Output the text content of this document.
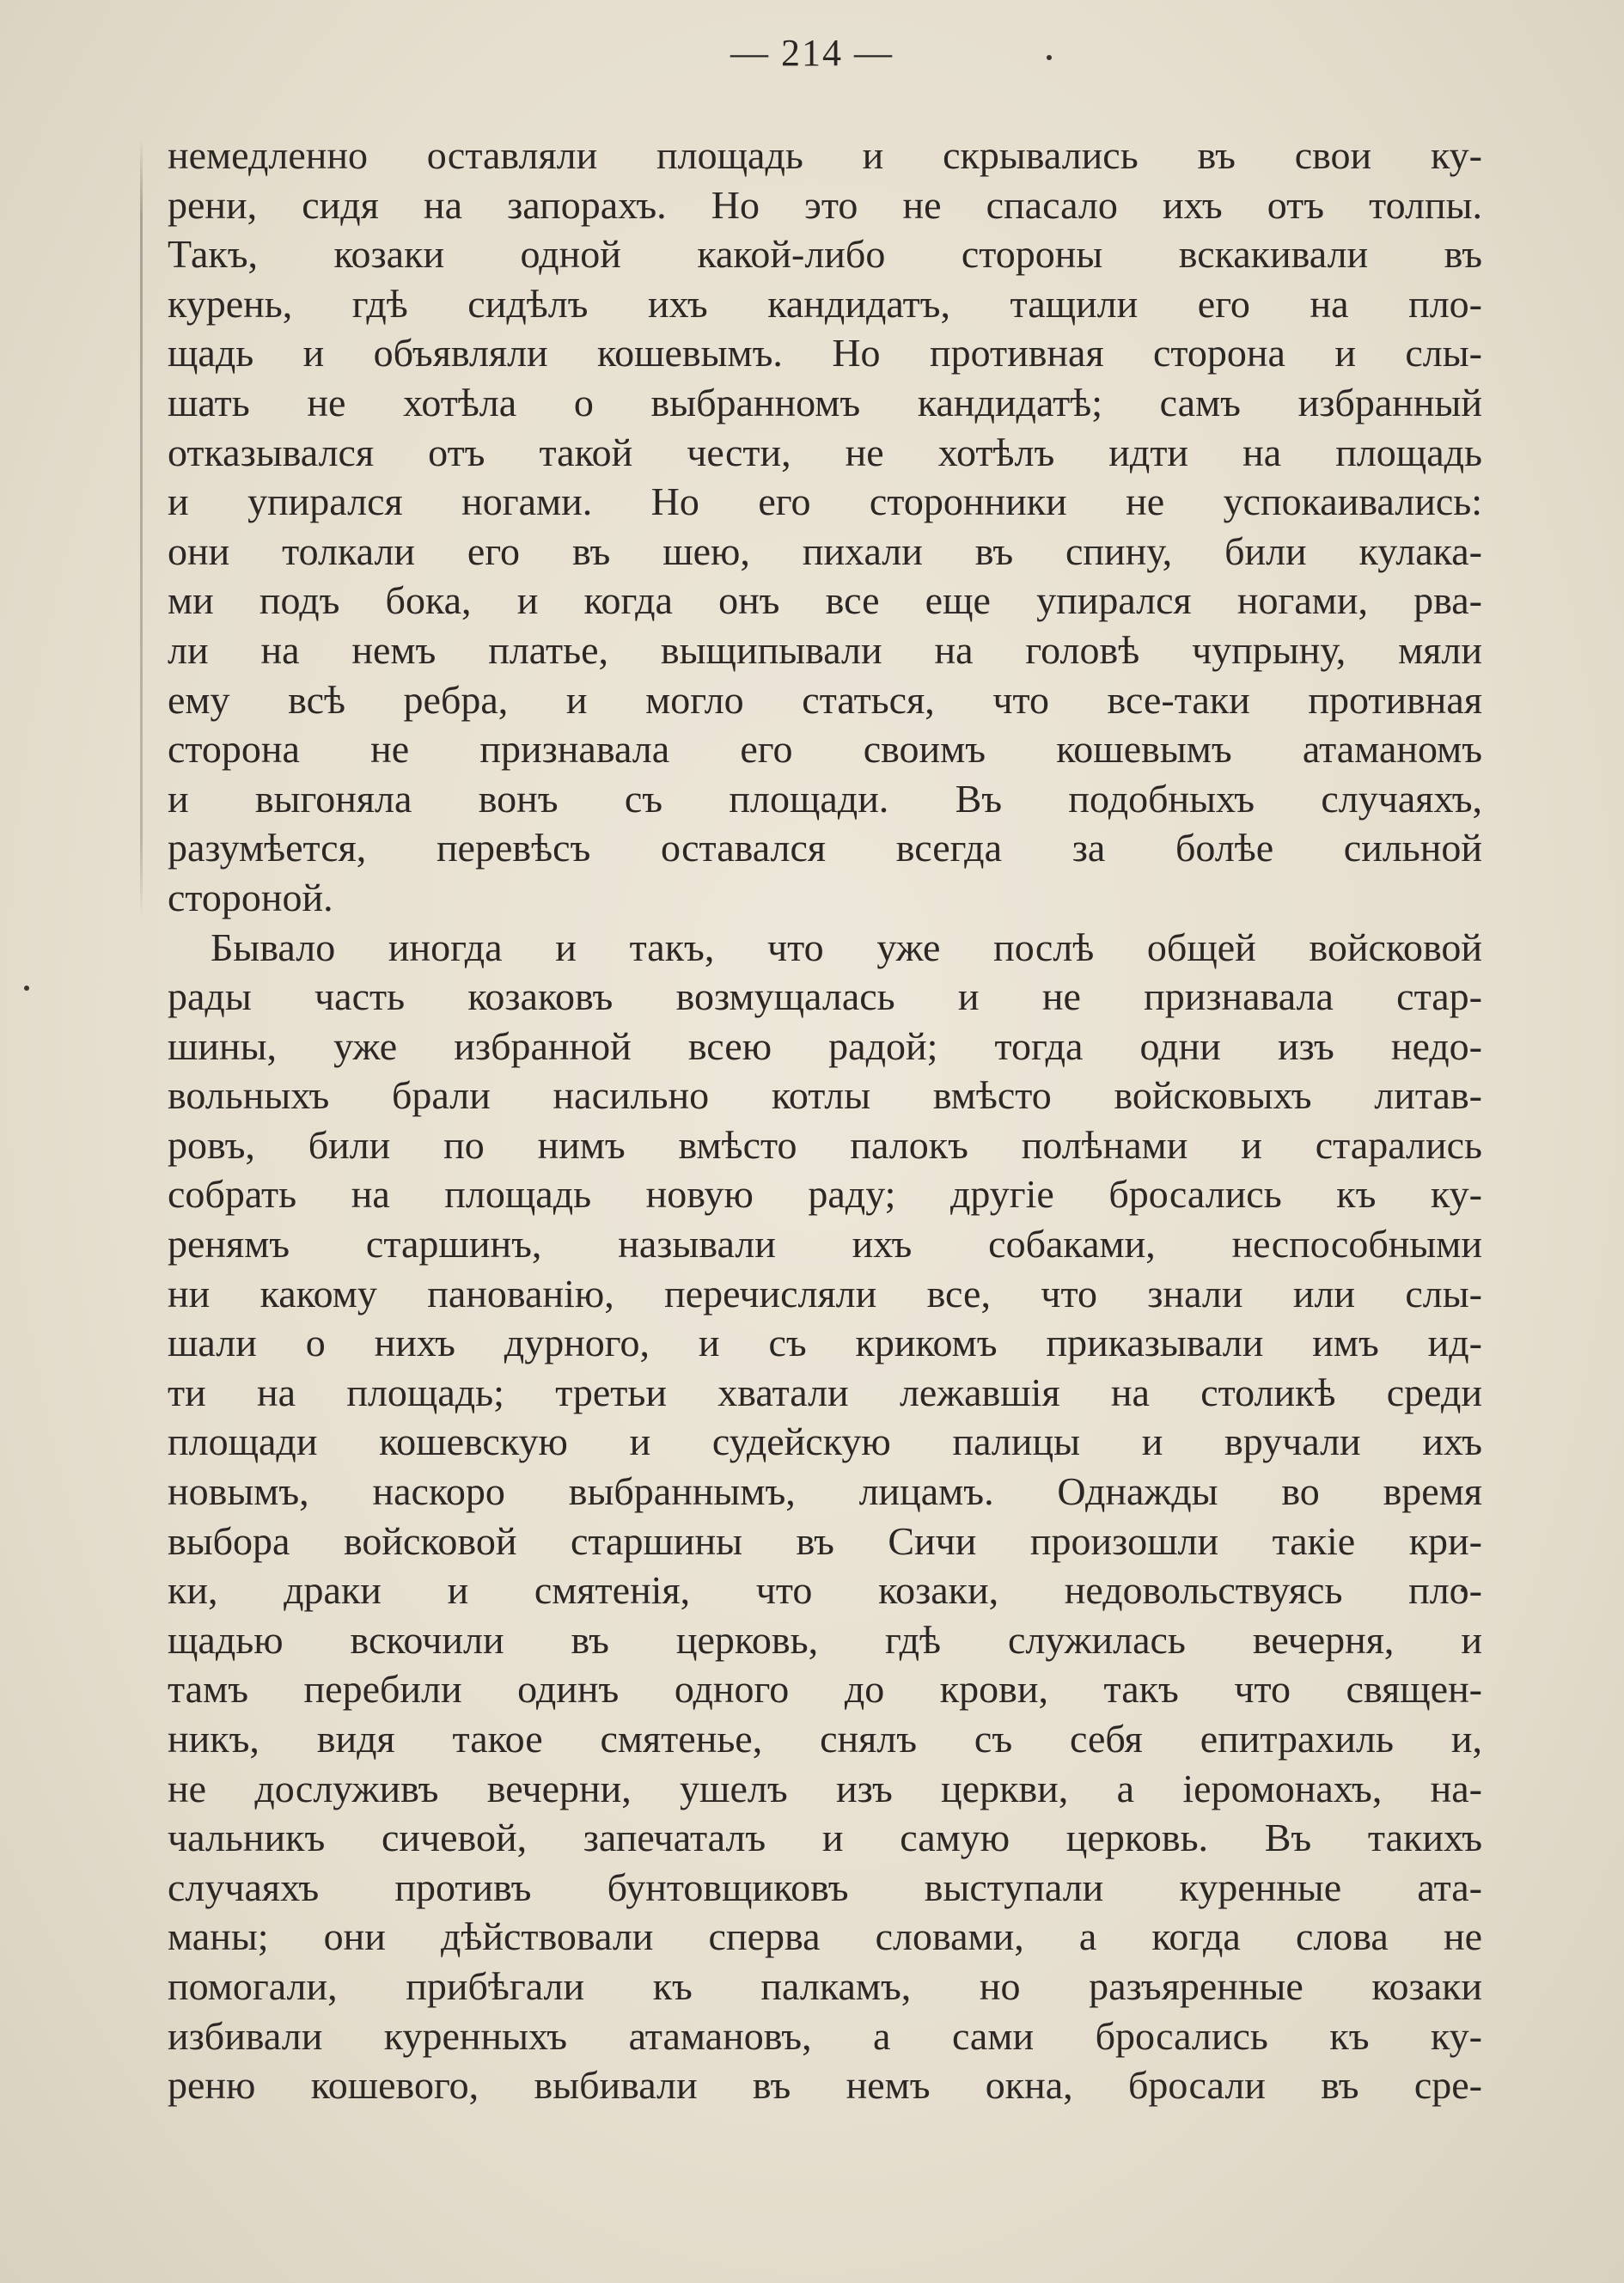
— 214 —
немедленно оставляли площадь и скрывались въ свои ку-
рени, сидя на запорахъ. Но это не спасало ихъ отъ толпы.
Такъ, козаки одной какой-либо стороны вскакивали въ
курень, гдѣ сидѣлъ ихъ кандидатъ, тащили его на пло-
щадь и объявляли кошевымъ. Но противная сторона и слы-
шать не хотѣла о выбранномъ кандидатѣ; самъ избранный
отказывался отъ такой чести, не хотѣлъ идти на площадь
и упирался ногами. Но его сторонники не успокаивались:
они толкали его въ шею, пихали въ спину, били кулака-
ми подъ бока, и когда онъ все еще упирался ногами, рва-
ли на немъ платье, выщипывали на головѣ чупрыну, мяли
ему всѣ ребра, и могло статься, что все-таки противная
сторона не признавала его своимъ кошевымъ атаманомъ
и выгоняла вонъ съ площади. Въ подобныхъ случаяхъ,
разумѣется, перевѣсъ оставался всегда за болѣе сильной
стороной.
Бывало иногда и такъ, что уже послѣ общей войсковой
рады часть козаковъ возмущалась и не признавала стар-
шины, уже избранной всею радой; тогда одни изъ недо-
вольныхъ брали насильно котлы вмѣсто войсковыхъ литав-
ровъ, били по нимъ вмѣсто палокъ полѣнами и старались
собрать на площадь новую раду; другіе бросались къ ку-
ренямъ старшинъ, называли ихъ собаками, неспособными
ни какому панованію, перечисляли все, что знали или слы-
шали о нихъ дурного, и съ крикомъ приказывали имъ ид-
ти на площадь; третьи хватали лежавшія на столикѣ среди
площади кошевскую и судейскую палицы и вручали ихъ
новымъ, наскоро выбраннымъ, лицамъ. Однажды во время
выбора войсковой старшины въ Сичи произошли такіе кри-
ки, драки и смятенія, что козаки, недовольствуясь пло-
щадью вскочили въ церковь, гдѣ служилась вечерня, и
тамъ перебили одинъ одного до крови, такъ что священ-
никъ, видя такое смятенье, снялъ съ себя епитрахиль и,
не дослуживъ вечерни, ушелъ изъ церкви, а іеромонахъ, на-
чальникъ сичевой, запечаталъ и самую церковь. Въ такихъ
случаяхъ противъ бунтовщиковъ выступали куренные ата-
маны; они дѣйствовали сперва словами, а когда слова не
помогали, прибѣгали къ палкамъ, но разъяренные козаки
избивали куренныхъ атамановъ, а сами бросались къ ку-
реню кошевого, выбивали въ немъ окна, бросали въ сре-
